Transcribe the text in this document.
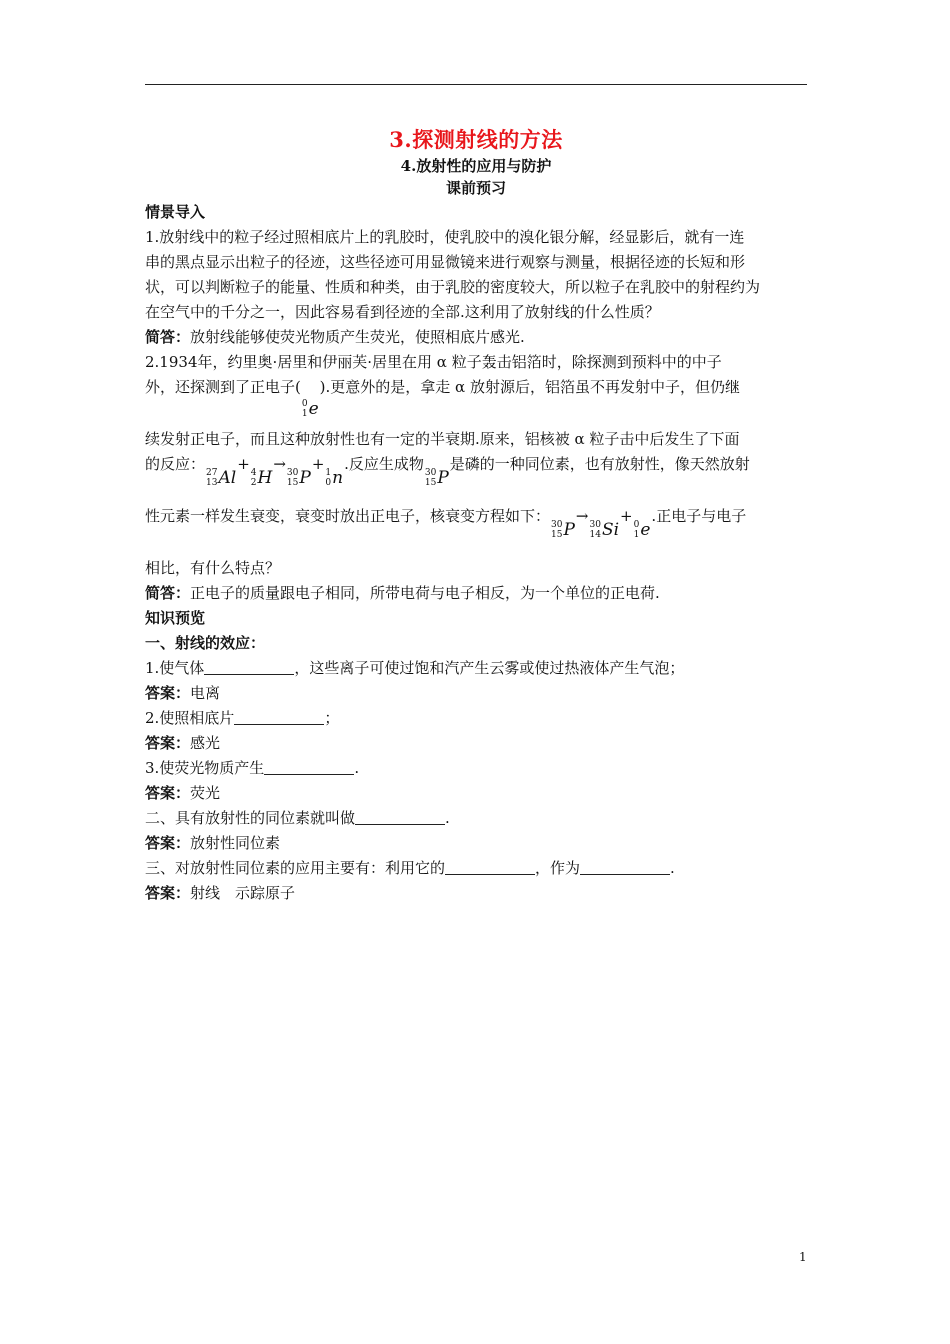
3.探测射线的方法
4.放射性的应用与防护
课前预习
情景导入
1.放射线中的粒子经过照相底片上的乳胶时，使乳胶中的溴化银分解，经显影后，就有一连
串的黑点显示出粒子的径迹，这些径迹可用显微镜来进行观察与测量，根据径迹的长短和形
状，可以判断粒子的能量、性质和种类，由于乳胶的密度较大，所以粒子在乳胶中的射程约为
在空气中的千分之一，因此容易看到径迹的全部.这利用了放射线的什么性质？
简答：放射线能够使荧光物质产生荧光，使照相底片感光.
2.1934年，约里奥·居里和伊丽芙·居里在用 α 粒子轰击铝箔时，除探测到预料中的中子
外，还探测到了正电子(
0
1 e
).更意外的是，拿走 α 放射源后，铝箔虽不再发射中子，但仍继
续发射正电子，而且这种放射性也有一定的半衰期.原来，铝核被 α 粒子击中后发生了下面
的反应： 27
13 Al
+ 4
2 H
→ 30
15 P
+ 1
0 n
.反应生成物 30
15 P
是磷的一种同位素，也有放射性，像天然放射
性元素一样发生衰变，衰变时放出正电子，核衰变方程如下： 30
15 P
→ 30
14 Si
+ 0
1 e
.正电子与电子
相比，有什么特点？
简答：正电子的质量跟电子相同，所带电荷与电子相反，为一个单位的正电荷.
知识预览
一、射线的效应：
1.使气体	，这些离子可使过饱和汽产生云雾或使过热液体产生气泡；
答案：电离
2.使照相底片	；
答案：感光
3.使荧光物质产生	.
答案：荧光
二、具有放射性的同位素就叫做	.
答案：放射性同位素
三、对放射性同位素的应用主要有：利用它的	，作为	.
答案：射线　示踪原子
1
